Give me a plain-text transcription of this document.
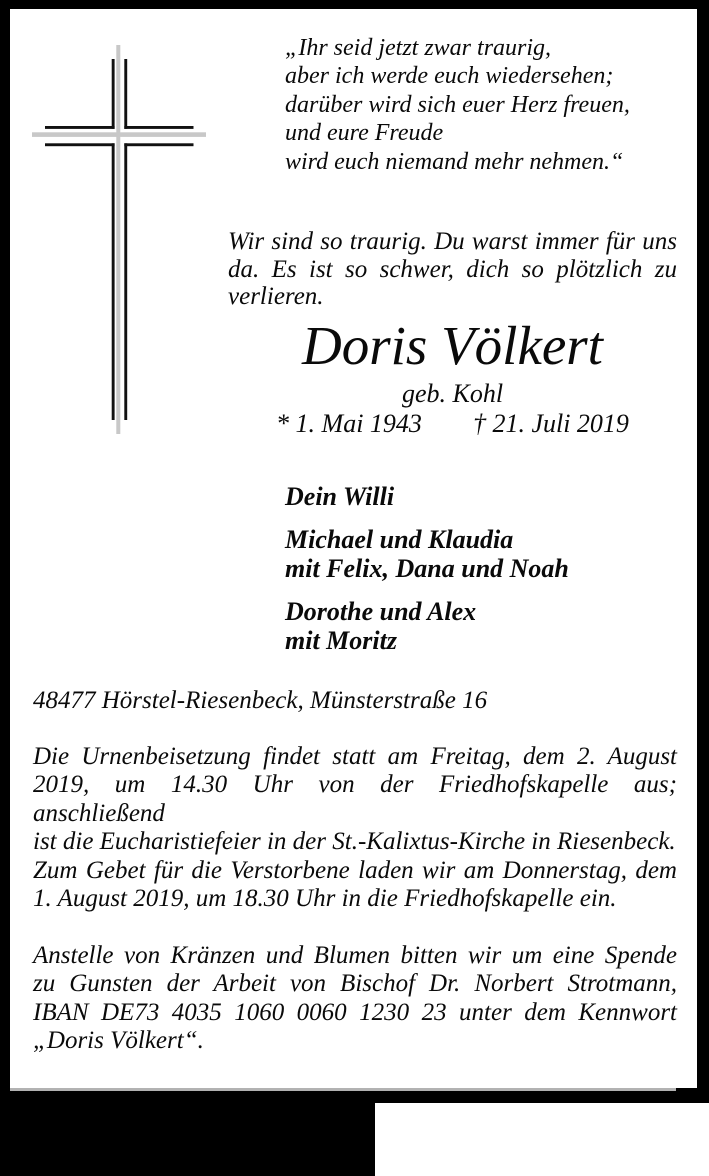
„Ihr seid jetzt zwar traurig,
aber ich werde euch wiedersehen;
darüber wird sich euer Herz freuen,
und eure Freude
wird euch niemand mehr nehmen.“
Wir sind so traurig. Du warst immer für uns
da. Es ist so schwer, dich so plötzlich zu
verlieren.
Doris Völkert
geb. Kohl
* 1. Mai 1943 † 21. Juli 2019
Dein Willi
Michael und Klaudia
mit Felix, Dana und Noah
Dorothe und Alex
mit Moritz
48477 Hörstel-Riesenbeck, Münsterstraße 16
Die Urnenbeisetzung findet statt am Freitag, dem 2. August
2019, um 14.30 Uhr von der Friedhofskapelle aus; anschließend
ist die Eucharistiefeier in der St.-Kalixtus-Kirche in Riesenbeck.
Zum Gebet für die Verstorbene laden wir am Donnerstag, dem
1. August 2019, um 18.30 Uhr in die Friedhofskapelle ein.
Anstelle von Kränzen und Blumen bitten wir um eine Spende
zu Gunsten der Arbeit von Bischof Dr. Norbert Strotmann,
IBAN DE73 4035 1060 0060 1230 23 unter dem Kennwort
„Doris Völkert“.
